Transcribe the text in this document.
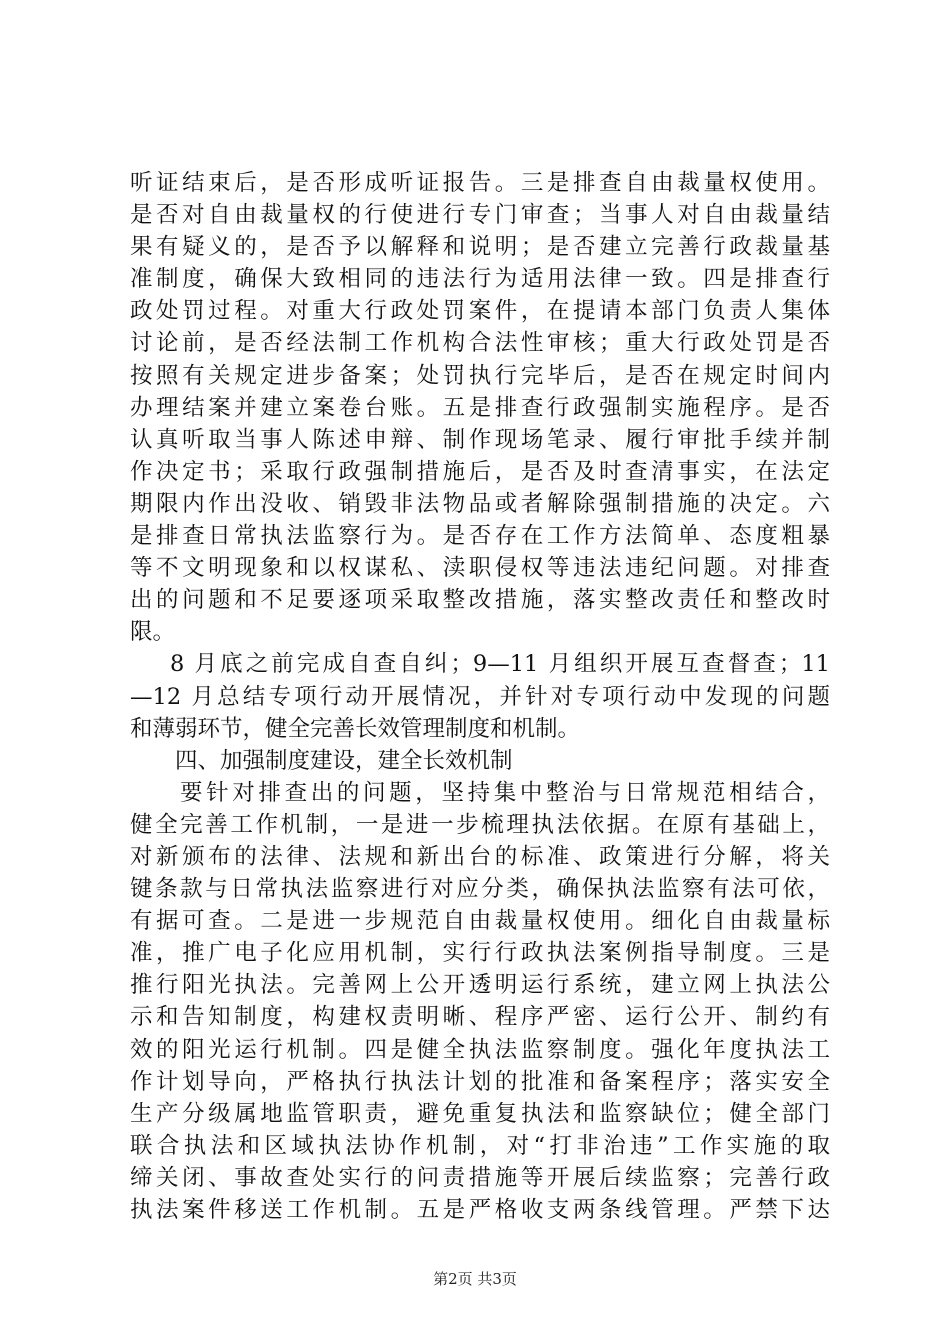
听证结束后，是否形成听证报告。三是排查自由裁量权使用。
是否对自由裁量权的行使进行专门审查；当事人对自由裁量结
果有疑义的，是否予以解释和说明；是否建立完善行政裁量基
准制度，确保大致相同的违法行为适用法律一致。四是排查行
政处罚过程。对重大行政处罚案件，在提请本部门负责人集体
讨论前，是否经法制工作机构合法性审核；重大行政处罚是否
按照有关规定进步备案；处罚执行完毕后，是否在规定时间内
办理结案并建立案卷台账。五是排查行政强制实施程序。是否
认真听取当事人陈述申辩、制作现场笔录、履行审批手续并制
作决定书；采取行政强制措施后，是否及时查清事实，在法定
期限内作出没收、销毁非法物品或者解除强制措施的决定。六
是排查日常执法监察行为。是否存在工作方法简单、态度粗暴
等不文明现象和以权谋私、渎职侵权等违法违纪问题。对排查
出的问题和不足要逐项采取整改措施，落实整改责任和整改时
限。
8 月底之前完成自查自纠；9—11 月组织开展互查督查；11
—12 月总结专项行动开展情况，并针对专项行动中发现的问题
和薄弱环节，健全完善长效管理制度和机制。
四、加强制度建设，建全长效机制
要针对排查出的问题，坚持集中整治与日常规范相结合，
健全完善工作机制，一是进一步梳理执法依据。在原有基础上，
对新颁布的法律、法规和新出台的标准、政策进行分解，将关
键条款与日常执法监察进行对应分类，确保执法监察有法可依，
有据可查。二是进一步规范自由裁量权使用。细化自由裁量标
准，推广电子化应用机制，实行行政执法案例指导制度。三是
推行阳光执法。完善网上公开透明运行系统，建立网上执法公
示和告知制度，构建权责明晰、程序严密、运行公开、制约有
效的阳光运行机制。四是健全执法监察制度。强化年度执法工
作计划导向，严格执行执法计划的批准和备案程序；落实安全
生产分级属地监管职责，避免重复执法和监察缺位；健全部门
联合执法和区域执法协作机制，对“打非治违”工作实施的取
缔关闭、事故查处实行的问责措施等开展后续监察；完善行政
执法案件移送工作机制。五是严格收支两条线管理。严禁下达
第2页 共3页
